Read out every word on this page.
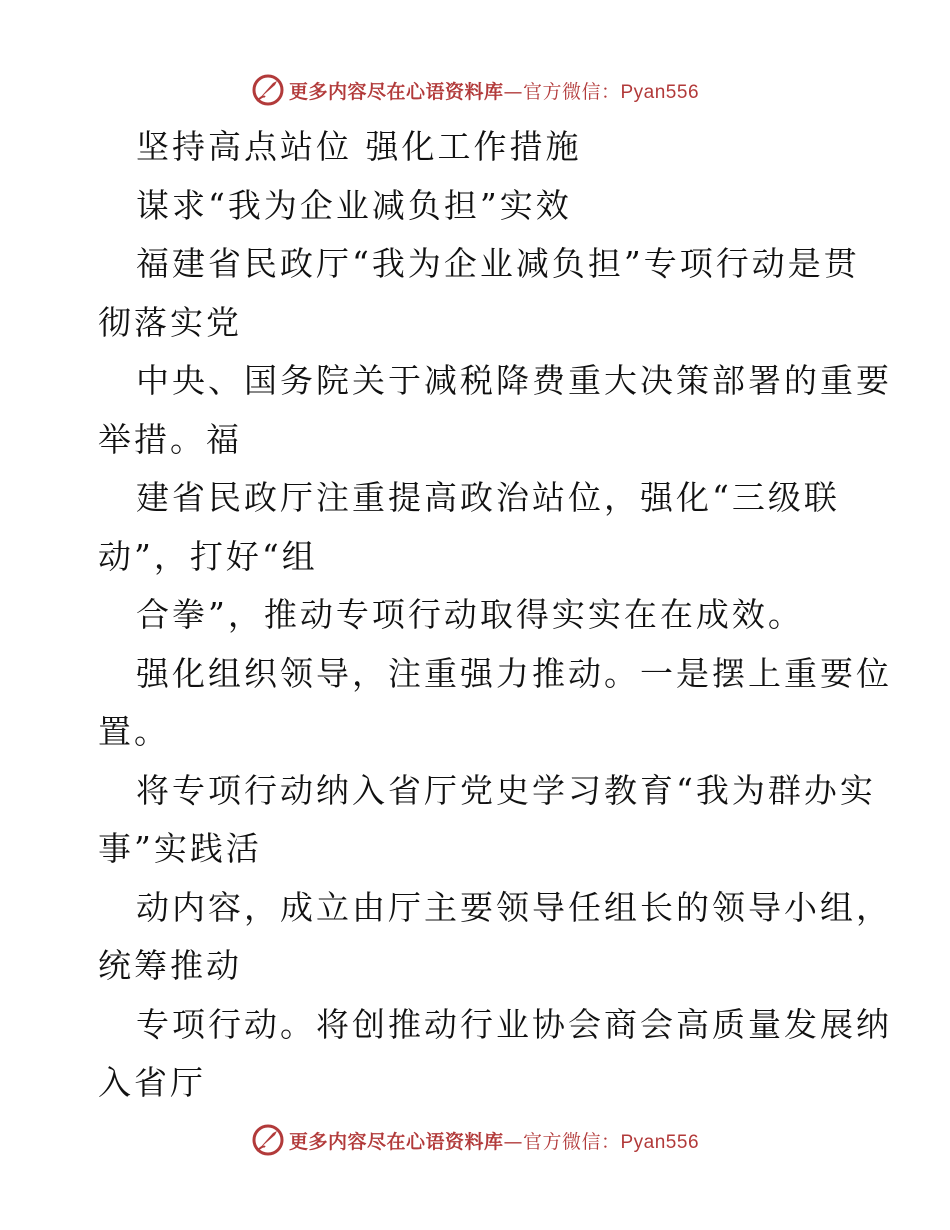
更多内容尽在心语资料库—官方微信：Pyan556
坚持高点站位 强化工作措施
谋求“我为企业减负担”实效
福建省民政厅“我为企业减负担”专项行动是贯
彻落实党
中央、国务院关于减税降费重大决策部署的重要
举措。福
建省民政厅注重提高政治站位，强化“三级联
动”，打好“组
合拳”，推动专项行动取得实实在在成效。
强化组织领导，注重强力推动。一是摆上重要位
置。
将专项行动纳入省厅党史学习教育“我为群办实
事”实践活
动内容，成立由厅主要领导任组长的领导小组，
统筹推动
专项行动。将创推动行业协会商会高质量发展纳
入省厅
更多内容尽在心语资料库—官方微信：Pyan556
